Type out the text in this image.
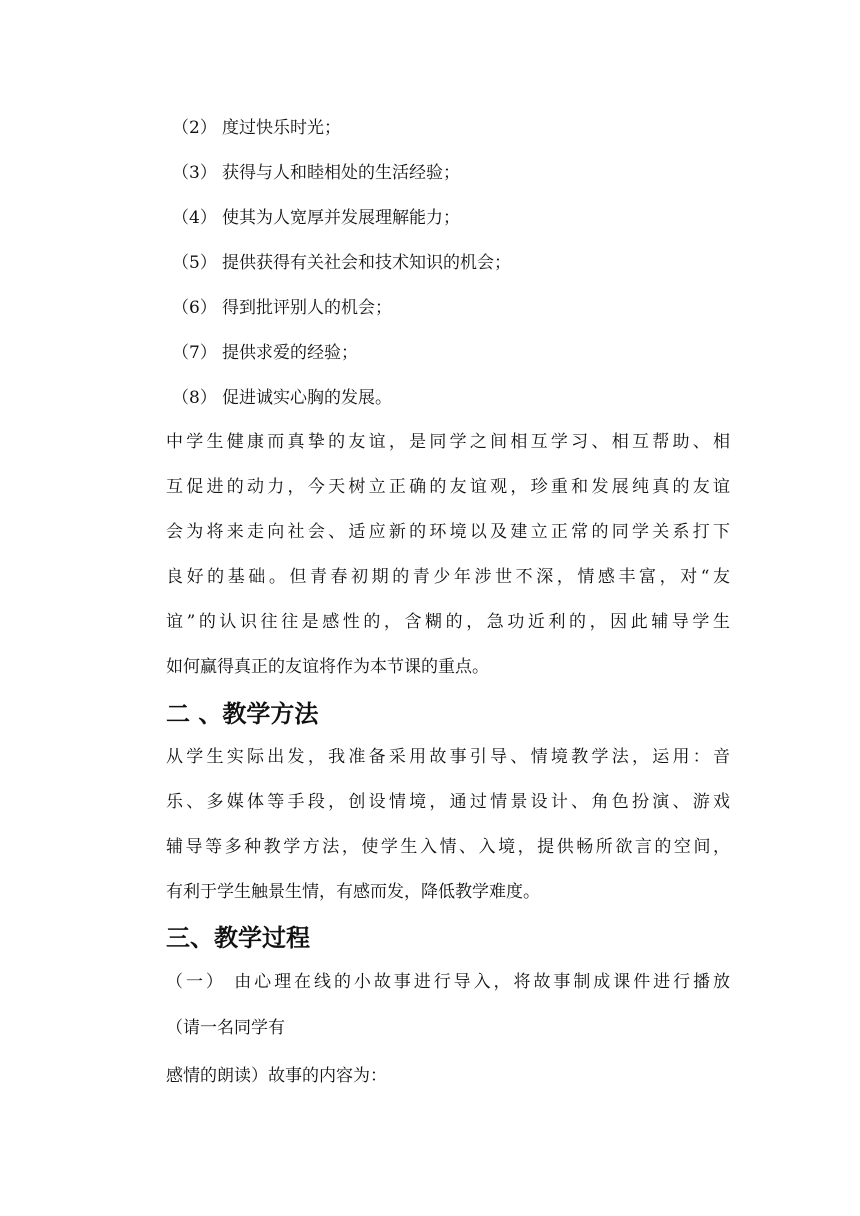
（2） 度过快乐时光；
（3） 获得与人和睦相处的生活经验；
（4） 使其为人宽厚并发展理解能力；
（5） 提供获得有关社会和技术知识的机会；
（6） 得到批评别人的机会；
（7） 提供求爱的经验；
（8） 促进诚实心胸的发展。
中学生健康而真挚的友谊，是同学之间相互学习、相互帮助、相
互促进的动力，今天树立正确的友谊观，珍重和发展纯真的友谊
会为将来走向社会、适应新的环境以及建立正常的同学关系打下
良好的基础。但青春初期的青少年涉世不深，情感丰富，对“友
谊”的认识往往是感性的，含糊的，急功近利的，因此辅导学生
如何赢得真正的友谊将作为本节课的重点。
二 、教学方法
从学生实际出发，我准备采用故事引导、情境教学法，运用：音
乐、多媒体等手段，创设情境，通过情景设计、角色扮演、游戏
辅导等多种教学方法，使学生入情、入境，提供畅所欲言的空间，
有利于学生触景生情，有感而发，降低教学难度。
三、教学过程
（一） 由心理在线的小故事进行导入，将故事制成课件进行播放
（请一名同学有
感情的朗读）故事的内容为：
